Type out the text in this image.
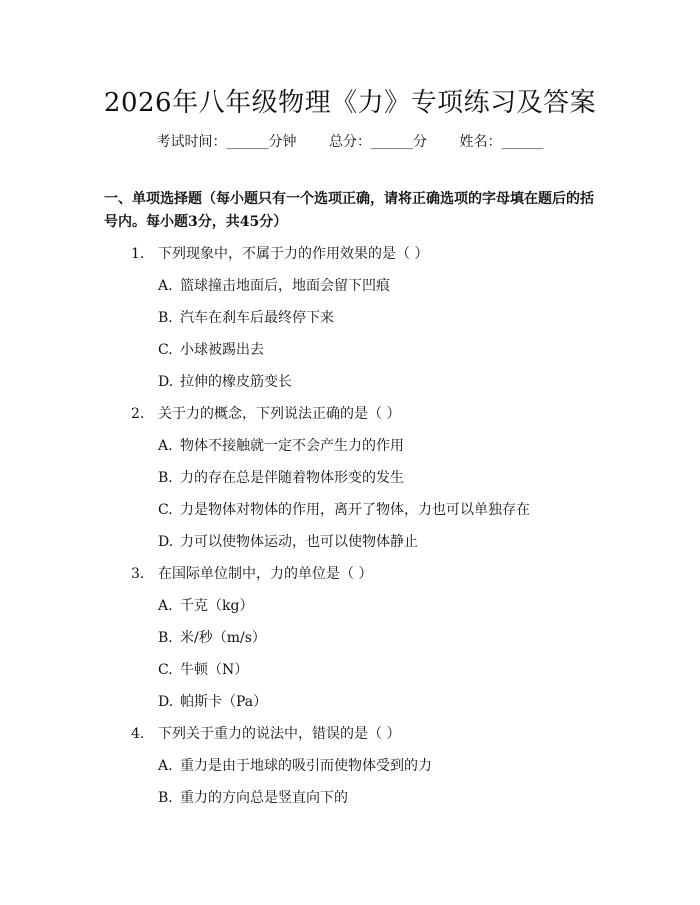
2026年八年级物理《力》专项练习及答案
考试时间：______分钟 总分：______分 姓名：______
一、单项选择题（每小题只有一个选项正确，请将正确选项的字母填在题后的括号内。每小题3分，共45分）
1. 下列现象中，不属于力的作用效果的是（ ）
A. 篮球撞击地面后，地面会留下凹痕
B. 汽车在刹车后最终停下来
C. 小球被踢出去
D. 拉伸的橡皮筋变长
2. 关于力的概念，下列说法正确的是（ ）
A. 物体不接触就一定不会产生力的作用
B. 力的存在总是伴随着物体形变的发生
C. 力是物体对物体的作用，离开了物体，力也可以单独存在
D. 力可以使物体运动，也可以使物体静止
3. 在国际单位制中，力的单位是（ ）
A. 千克（kg）
B. 米/秒（m/s）
C. 牛顿（N）
D. 帕斯卡（Pa）
4. 下列关于重力的说法中，错误的是（ ）
A. 重力是由于地球的吸引而使物体受到的力
B. 重力的方向总是竖直向下的
